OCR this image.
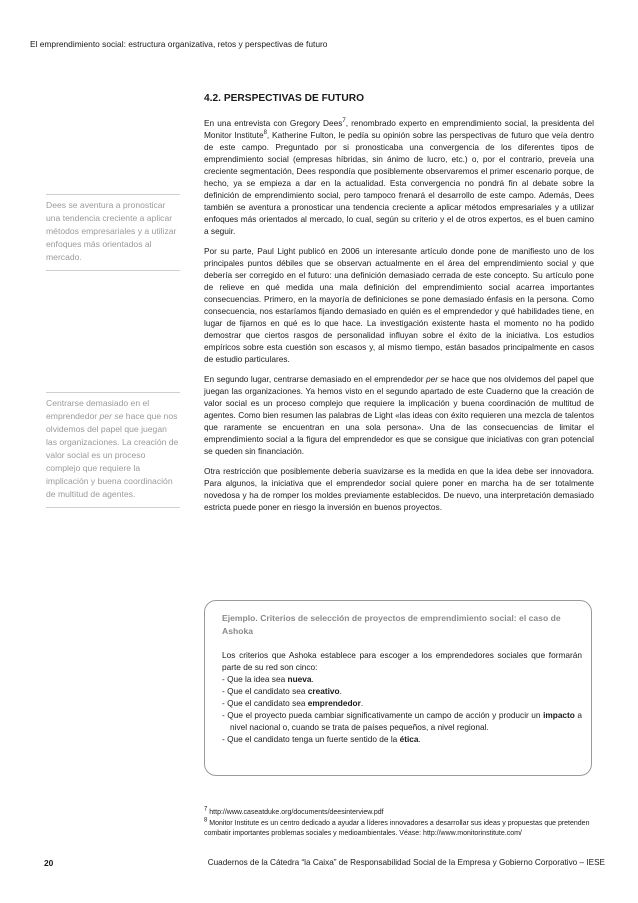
El emprendimiento social: estructura organizativa, retos y perspectivas de futuro
4.2. PERSPECTIVAS DE FUTURO
Dees se aventura a pronosticar una tendencia creciente a aplicar métodos empresariales y a utilizar enfoques más orientados al mercado.
Centrarse demasiado en el emprendedor per se hace que nos olvidemos del papel que juegan las organizaciones. La creación de valor social es un proceso complejo que requiere la implicación y buena coordinación de multitud de agentes.

En una entrevista con Gregory Dees$^7$, renombrado experto en emprendimiento social, la presidenta del Monitor Institute$^8$, Katherine Fulton, le pedía su opinión sobre las perspectivas de futuro que veía dentro de este campo. Preguntado por si pronosticaba una convergencia de los diferentes tipos de emprendimiento social (empresas híbridas, sin ánimo de lucro, etc.) o, por el contrario, preveía una creciente segmentación, Dees respondía que posiblemente observaremos el primer escenario porque, de hecho, ya se empieza a dar en la actualidad. Esta convergencia no pondrá fin al debate sobre la definición de emprendimiento social, pero tampoco frenará el desarrollo de este campo. Además, Dees también se aventura a pronosticar una tendencia creciente a aplicar métodos empresariales y a utilizar enfoques más orientados al mercado, lo cual, según su criterio y el de otros expertos, es el buen camino a seguir.

Por su parte, Paul Light publicó en 2006 un interesante artículo donde pone de manifiesto uno de los principales puntos débiles que se observan actualmente en el área del emprendimiento social y que debería ser corregido en el futuro: una definición demasiado cerrada de este concepto. Su artículo pone de relieve en qué medida una mala definición del emprendimiento social acarrea importantes consecuencias. Primero, en la mayoría de definiciones se pone demasiado énfasis en la persona. Como consecuencia, nos estaríamos fijando demasiado en quién es el emprendedor y qué habilidades tiene, en lugar de fijarnos en qué es lo que hace. La investigación existente hasta el momento no ha podido demostrar que ciertos rasgos de personalidad influyan sobre el éxito de la iniciativa. Los estudios empíricos sobre esta cuestión son escasos y, al mismo tiempo, están basados principalmente en casos de estudio particulares.

En segundo lugar, centrarse demasiado en el emprendedor per se hace que nos olvidemos del papel que juegan las organizaciones. Ya hemos visto en el segundo apartado de este Cuaderno que la creación de valor social es un proceso complejo que requiere la implicación y buena coordinación de multitud de agentes. Como bien resumen las palabras de Light «las ideas con éxito requieren una mezcla de talentos que raramente se encuentran en una sola persona». Una de las consecuencias de limitar el emprendimiento social a la figura del emprendedor es que se consigue que iniciativas con gran potencial se queden sin financiación.

Otra restricción que posiblemente debería suavizarse es la medida en que la idea debe ser innovadora. Para algunos, la iniciativa que el emprendedor social quiere poner en marcha ha de ser totalmente novedosa y ha de romper los moldes previamente establecidos. De nuevo, una interpretación demasiado estricta puede poner en riesgo la inversión en buenos proyectos.

Ejemplo. Criterios de selección de proyectos de emprendimiento social: el caso de Ashoka

Los criterios que Ashoka establece para escoger a los emprendedores sociales que formarán parte de su red son cinco:

- Que la idea sea nueva.

- Que el candidato sea creativo.

- Que el candidato sea emprendedor.

- Que el proyecto pueda cambiar significativamente un campo de acción y producir un impacto a nivel nacional o, cuando se trata de países pequeños, a nivel regional.

- Que el candidato tenga un fuerte sentido de la ética.

$^7$ http://www.caseatduke.org/documents/deesinterview.pdf

$^8$ Monitor Institute es un centro dedicado a ayudar a líderes innovadores a desarrollar sus ideas y propuestas que pretenden combatir importantes problemas sociales y medioambientales. Véase: http://www.monitorinstitute.com/

20	Cuadernos de la Cátedra “la Caixa” de Responsabilidad Social de la Empresa y Gobierno Corporativo – IESE
